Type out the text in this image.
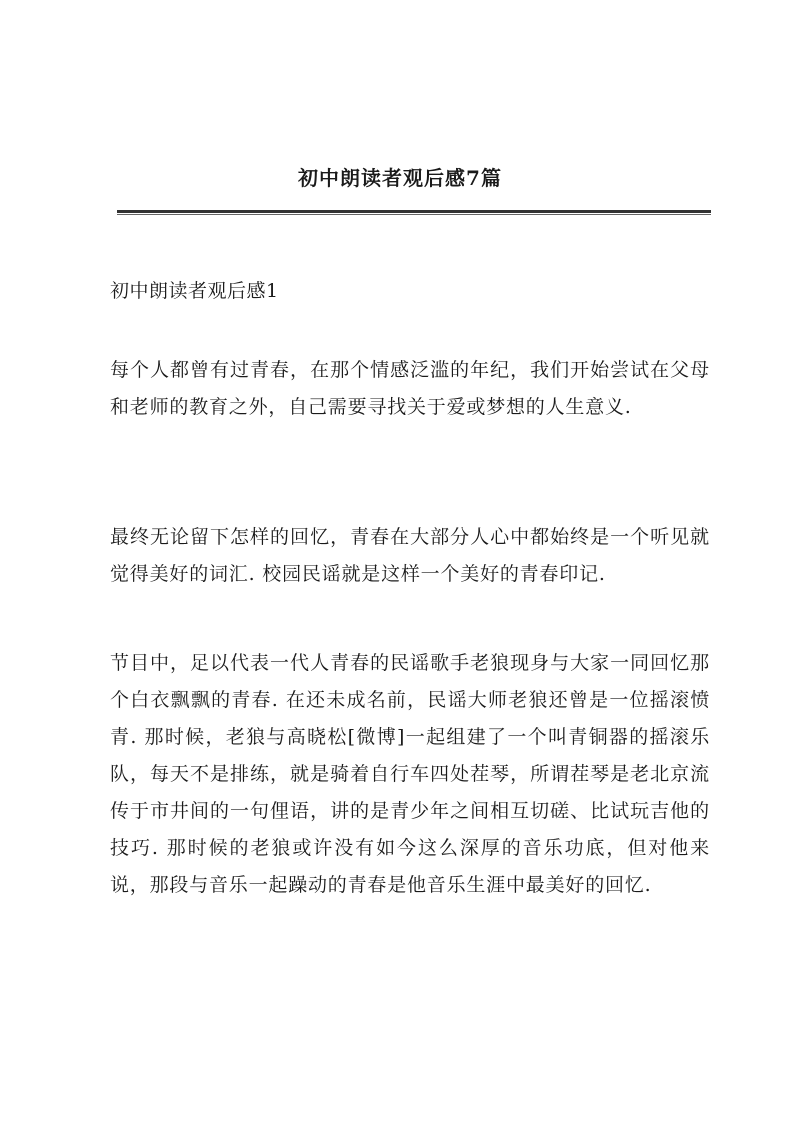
初中朗读者观后感7篇
初中朗读者观后感1

每个人都曾有过青春，在那个情感泛滥的年纪，我们开始尝试在父母和老师的教育之外，自己需要寻找关于爱或梦想的人生意义.

最终无论留下怎样的回忆，青春在大部分人心中都始终是一个听见就觉得美好的词汇. 校园民谣就是这样一个美好的青春印记.

节目中，足以代表一代人青春的民谣歌手老狼现身与大家一同回忆那个白衣飘飘的青春. 在还未成名前，民谣大师老狼还曾是一位摇滚愤青. 那时候，老狼与高晓松[微博]一起组建了一个叫青铜器的摇滚乐队，每天不是排练，就是骑着自行车四处茬琴，所谓茬琴是老北京流传于市井间的一句俚语，讲的是青少年之间相互切磋、比试玩吉他的技巧. 那时候的老狼或许没有如今这么深厚的音乐功底，但对他来说，那段与音乐一起躁动的青春是他音乐生涯中最美好的回忆.
